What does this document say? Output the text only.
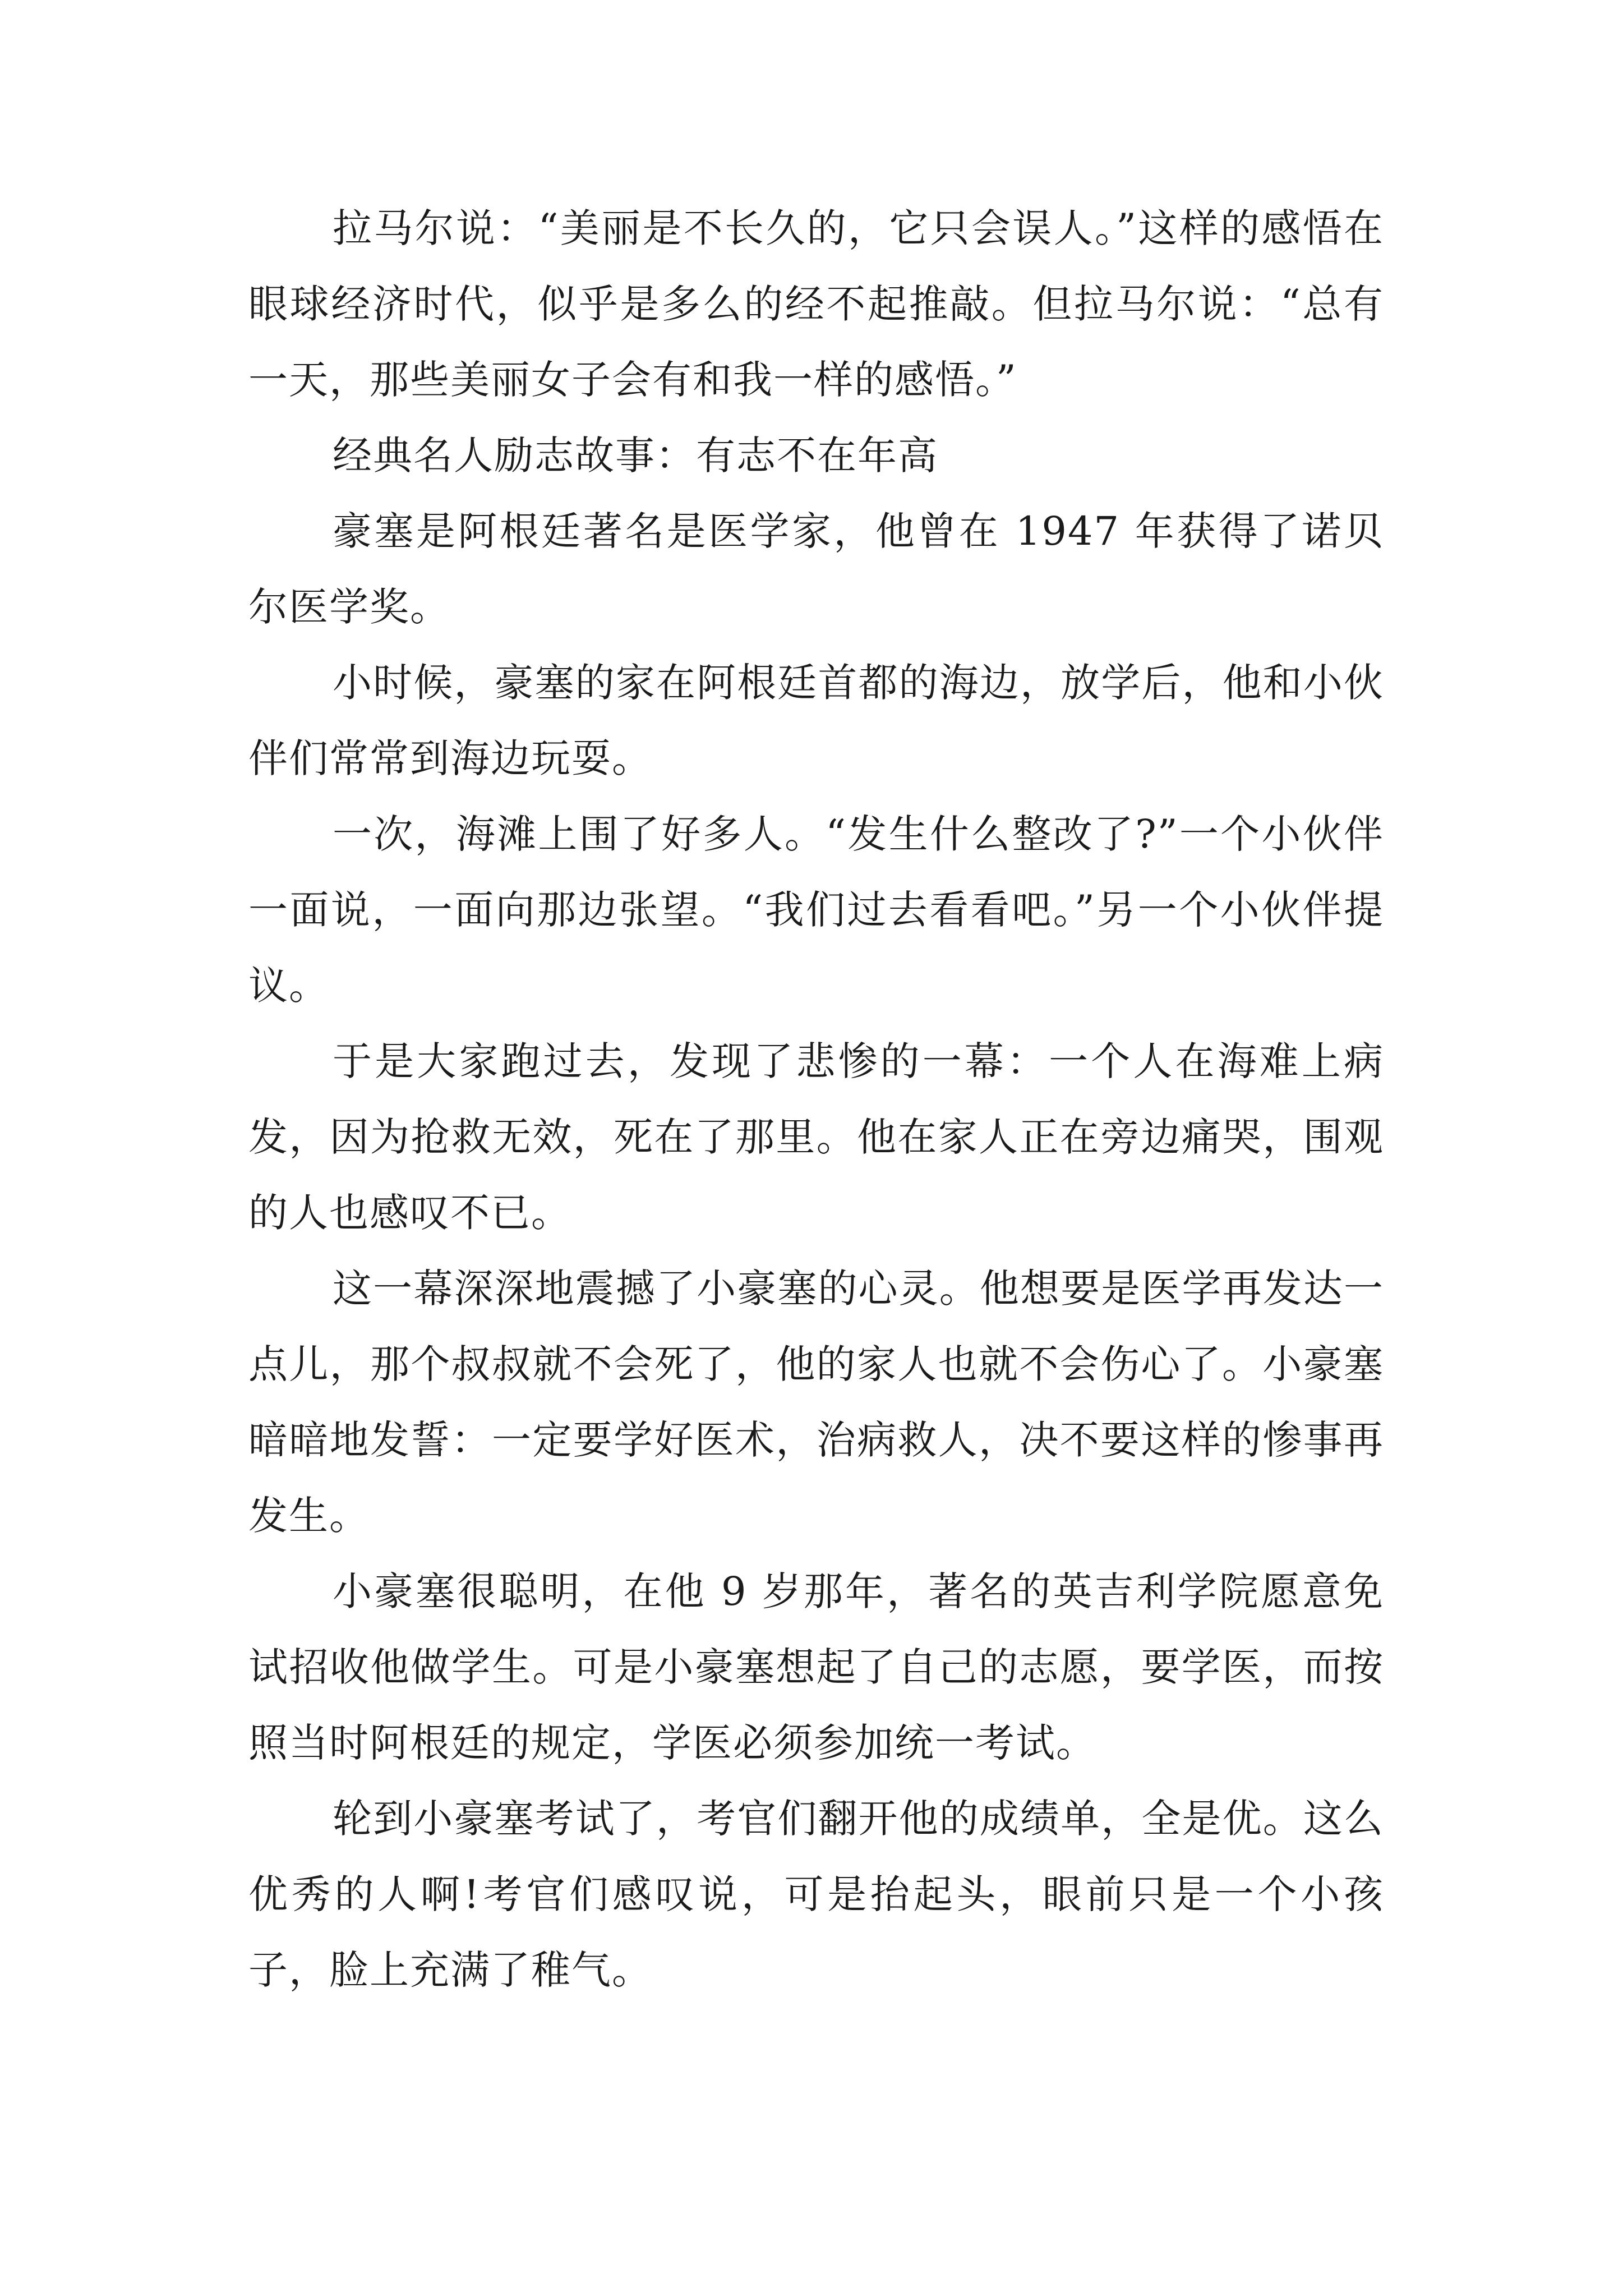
拉马尔说：“美丽是不长久的，它只会误人。”这样的感悟在眼球经济时代，似乎是多么的经不起推敲。但拉马尔说：“总有一天，那些美丽女子会有和我一样的感悟。”

经典名人励志故事：有志不在年高

豪塞是阿根廷著名是医学家，他曾在 1947 年获得了诺贝尔医学奖。

小时候，豪塞的家在阿根廷首都的海边，放学后，他和小伙伴们常常到海边玩耍。

一次，海滩上围了好多人。“发生什么整改了?”一个小伙伴一面说，一面向那边张望。“我们过去看看吧。”另一个小伙伴提议。

于是大家跑过去，发现了悲惨的一幕：一个人在海难上病发，因为抢救无效，死在了那里。他在家人正在旁边痛哭，围观的人也感叹不已。

这一幕深深地震撼了小豪塞的心灵。他想要是医学再发达一点儿，那个叔叔就不会死了，他的家人也就不会伤心了。小豪塞暗暗地发誓：一定要学好医术，治病救人，决不要这样的惨事再发生。

小豪塞很聪明，在他 9 岁那年，著名的英吉利学院愿意免试招收他做学生。可是小豪塞想起了自己的志愿，要学医，而按照当时阿根廷的规定，学医必须参加统一考试。

轮到小豪塞考试了，考官们翻开他的成绩单，全是优。这么优秀的人啊!考官们感叹说，可是抬起头，眼前只是一个小孩子，脸上充满了稚气。
